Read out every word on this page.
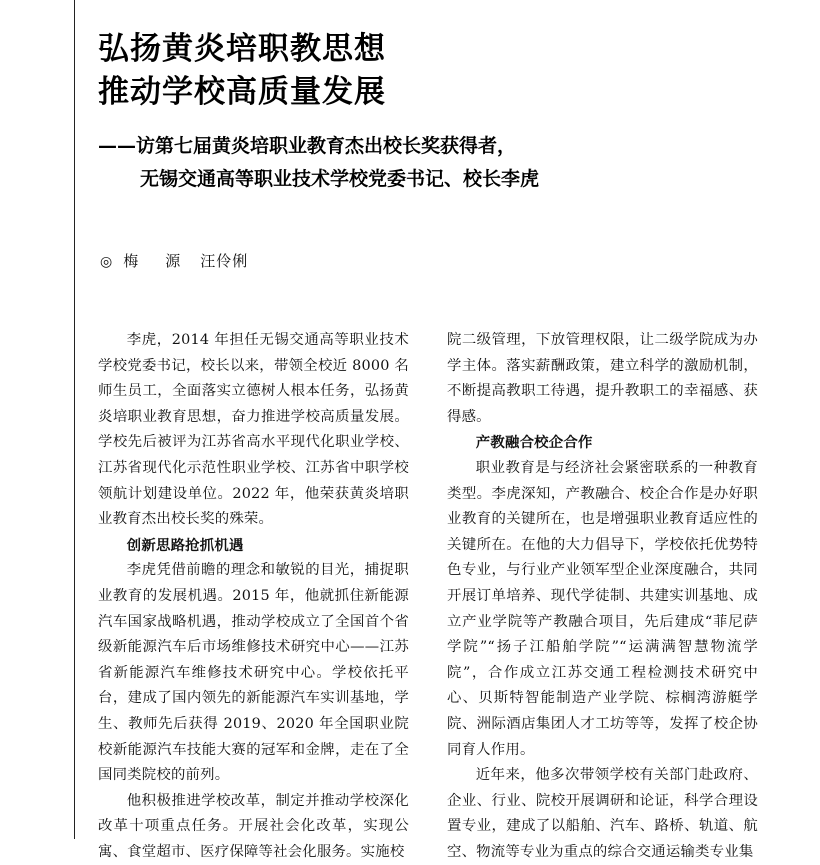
弘扬黄炎培职教思想
推动学校高质量发展
——访第七届黄炎培职业教育杰出校长奖获得者，
无锡交通高等职业技术学校党委书记、校长李虎
◎ 梅　源 汪伶俐

李虎，2014 年担任无锡交通高等职业技术学校党委书记，校长以来，带领全校近 8000 名师生员工，全面落实立德树人根本任务，弘扬黄炎培职业教育思想，奋力推进学校高质量发展。学校先后被评为江苏省高水平现代化职业学校、江苏省现代化示范性职业学校、江苏省中职学校领航计划建设单位。2022 年，他荣获黄炎培职业教育杰出校长奖的殊荣。

创新思路抢抓机遇

李虎凭借前瞻的理念和敏锐的目光，捕捉职业教育的发展机遇。2015 年，他就抓住新能源汽车国家战略机遇，推动学校成立了全国首个省级新能源汽车后市场维修技术研究中心——江苏省新能源汽车维修技术研究中心。学校依托平台，建成了国内领先的新能源汽车实训基地，学生、教师先后获得 2019、2020 年全国职业院校新能源汽车技能大赛的冠军和金牌，走在了全国同类院校的前列。

他积极推进学校改革，制定并推动学校深化改革十项重点任务。开展社会化改革，实现公寓、食堂超市、医疗保障等社会化服务。实施校

院二级管理，下放管理权限，让二级学院成为办学主体。落实薪酬政策，建立科学的激励机制，不断提高教职工待遇，提升教职工的幸福感、获得感。

产教融合校企合作

职业教育是与经济社会紧密联系的一种教育类型。李虎深知，产教融合、校企合作是办好职业教育的关键所在，也是增强职业教育适应性的关键所在。在他的大力倡导下，学校依托优势特色专业，与行业产业领军型企业深度融合，共同开展订单培养、现代学徒制、共建实训基地、成立产业学院等产教融合项目，先后建成“菲尼萨学院”“扬子江船舶学院”“运满满智慧物流学院”，合作成立江苏交通工程检测技术研究中心、贝斯特智能制造产业学院、棕榈湾游艇学院、洲际酒店集团人才工坊等等，发挥了校企协同育人作用。

近年来，他多次带领学校有关部门赴政府、企业、行业、院校开展调研和论证，科学合理设置专业，建成了以船舶、汽车、路桥、轨道、航空、物流等专业为重点的综合交通运输类专业集
